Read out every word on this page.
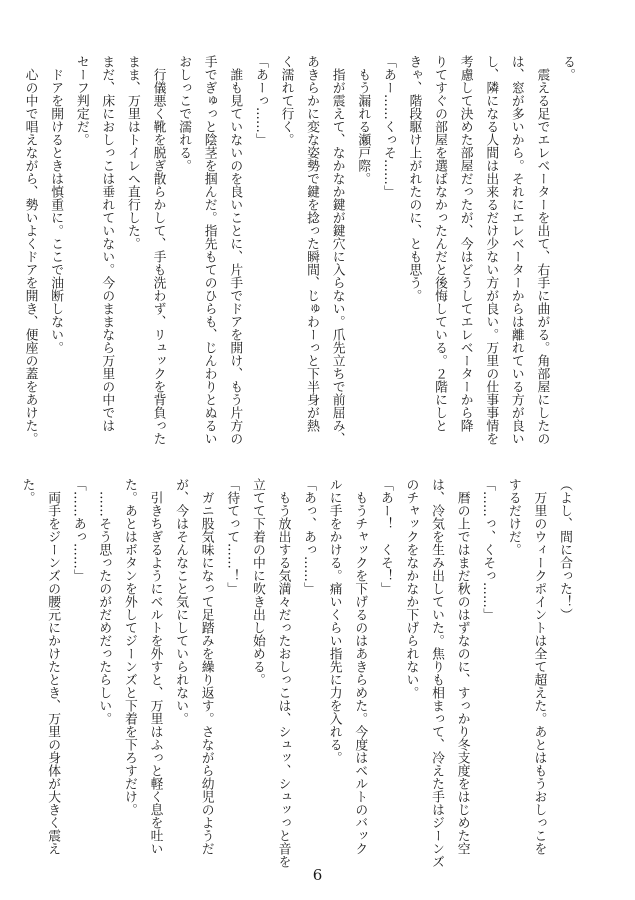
る。

　震える足でエレベーターを出て、右手に曲がる。角部屋にしたの

は、窓が多いから。それにエレベーターからは離れている方が良い

し、隣になる人間は出来るだけ少ない方が良い。万里の仕事事情を

考慮して決めた部屋だったが、今はどうしてエレベーターから降

りてすぐの部屋を選ばなかったんだと後悔している。２階にしと

きゃ、階段駆け上がれたのに、とも思う。

「あー……くっそ……」

　もう漏れる瀬戸際。

　指が震えて、なかなか鍵が鍵穴に入らない。爪先立ちで前屈み、

あきらかに変な姿勢で鍵を捻った瞬間、じゅわーっと下半身が熱

く濡れて行く。

「あーっ……」

　誰も見ていないのを良いことに、片手でドアを開け、もう片方の

手でぎゅっと陰茎を掴んだ。指先もてのひらも、じんわりとぬるい

おしっこで濡れる。

　行儀悪く靴を脱ぎ散らかして、手も洗わず、リュックを背負った

まま、万里はトイレへ直行した。

まだ、床におしっこは垂れていない。今のままなら万里の中では

セーフ判定だ。

　ドアを開けるときは慎重に。ここで油断しない。

　心の中で唱えながら、勢いよくドアを開き、便座の蓋をあけた。

（よし、間に合った！）

　万里のウィークポイントは全て超えた。あとはもうおしっこを

するだけだ。

「……っ、くそっ……」

　暦の上ではまだ秋のはずなのに、すっかり冬支度をはじめた空

は、冷気を生み出していた。焦りも相まって、冷えた手はジーンズ

のチャックをなかなか下げられない。

「あー！　くそ！」

　もうチャックを下げるのはあきらめた。今度はベルトのバック

ルに手をかける。痛いくらい指先に力を入れる。

「あっ、あっ……」

　もう放出する気満々だったおしっこは、シュッ、シュッっと音を

立てて下着の中に吹き出し始める。

「待てって……！」

　ガニ股気味になって足踏みを繰り返す。さながら幼児のようだ

が、今はそんなこと気にしていられない。

　引きちぎるようにベルトを外すと、万里はふっと軽く息を吐い

た。あとはボタンを外してジーンズと下着を下ろすだけ。

　……そう思ったのがだめだったらしい。

「……あっ……」

　両手をジーンズの腰元にかけたとき、万里の身体が大きく震え

た。

6
